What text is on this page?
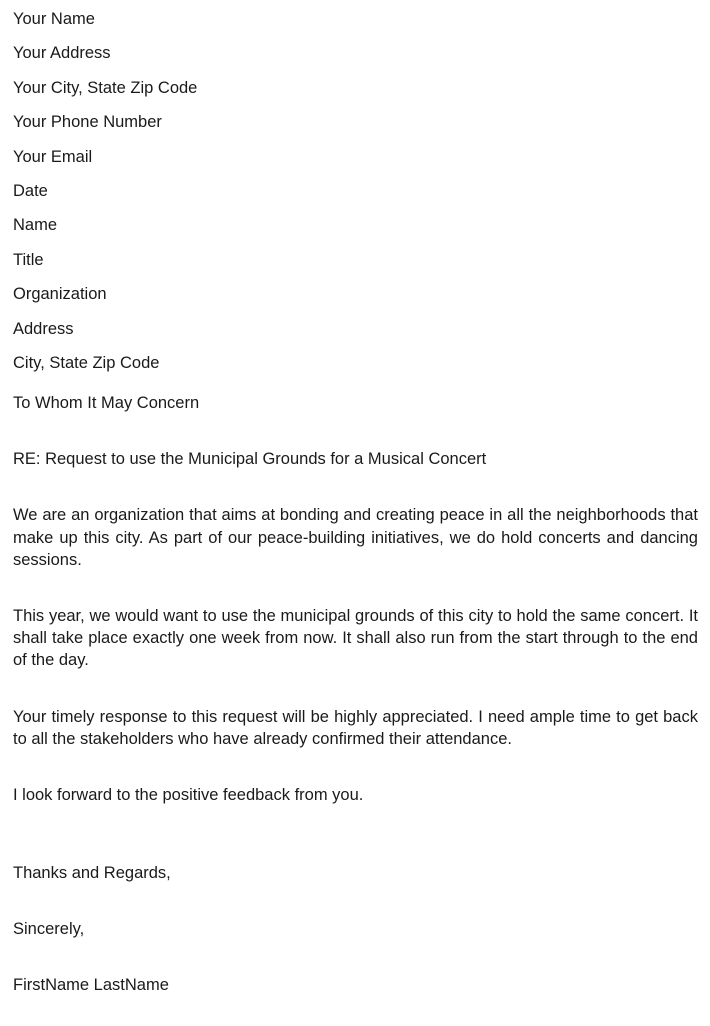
Your Name

Your Address

Your City, State Zip Code

Your Phone Number

Your Email

Date

Name

Title

Organization

Address

City, State Zip Code

To Whom It May Concern

RE: Request to use the Municipal Grounds for a Musical Concert

We are an organization that aims at bonding and creating peace in all the neighborhoods that make up this city. As part of our peace-building initiatives, we do hold concerts and dancing sessions.

This year, we would want to use the municipal grounds of this city to hold the same concert. It shall take place exactly one week from now. It shall also run from the start through to the end of the day.

Your timely response to this request will be highly appreciated. I need ample time to get back to all the stakeholders who have already confirmed their attendance.

I look forward to the positive feedback from you.

Thanks and Regards,

Sincerely,

FirstName LastName
